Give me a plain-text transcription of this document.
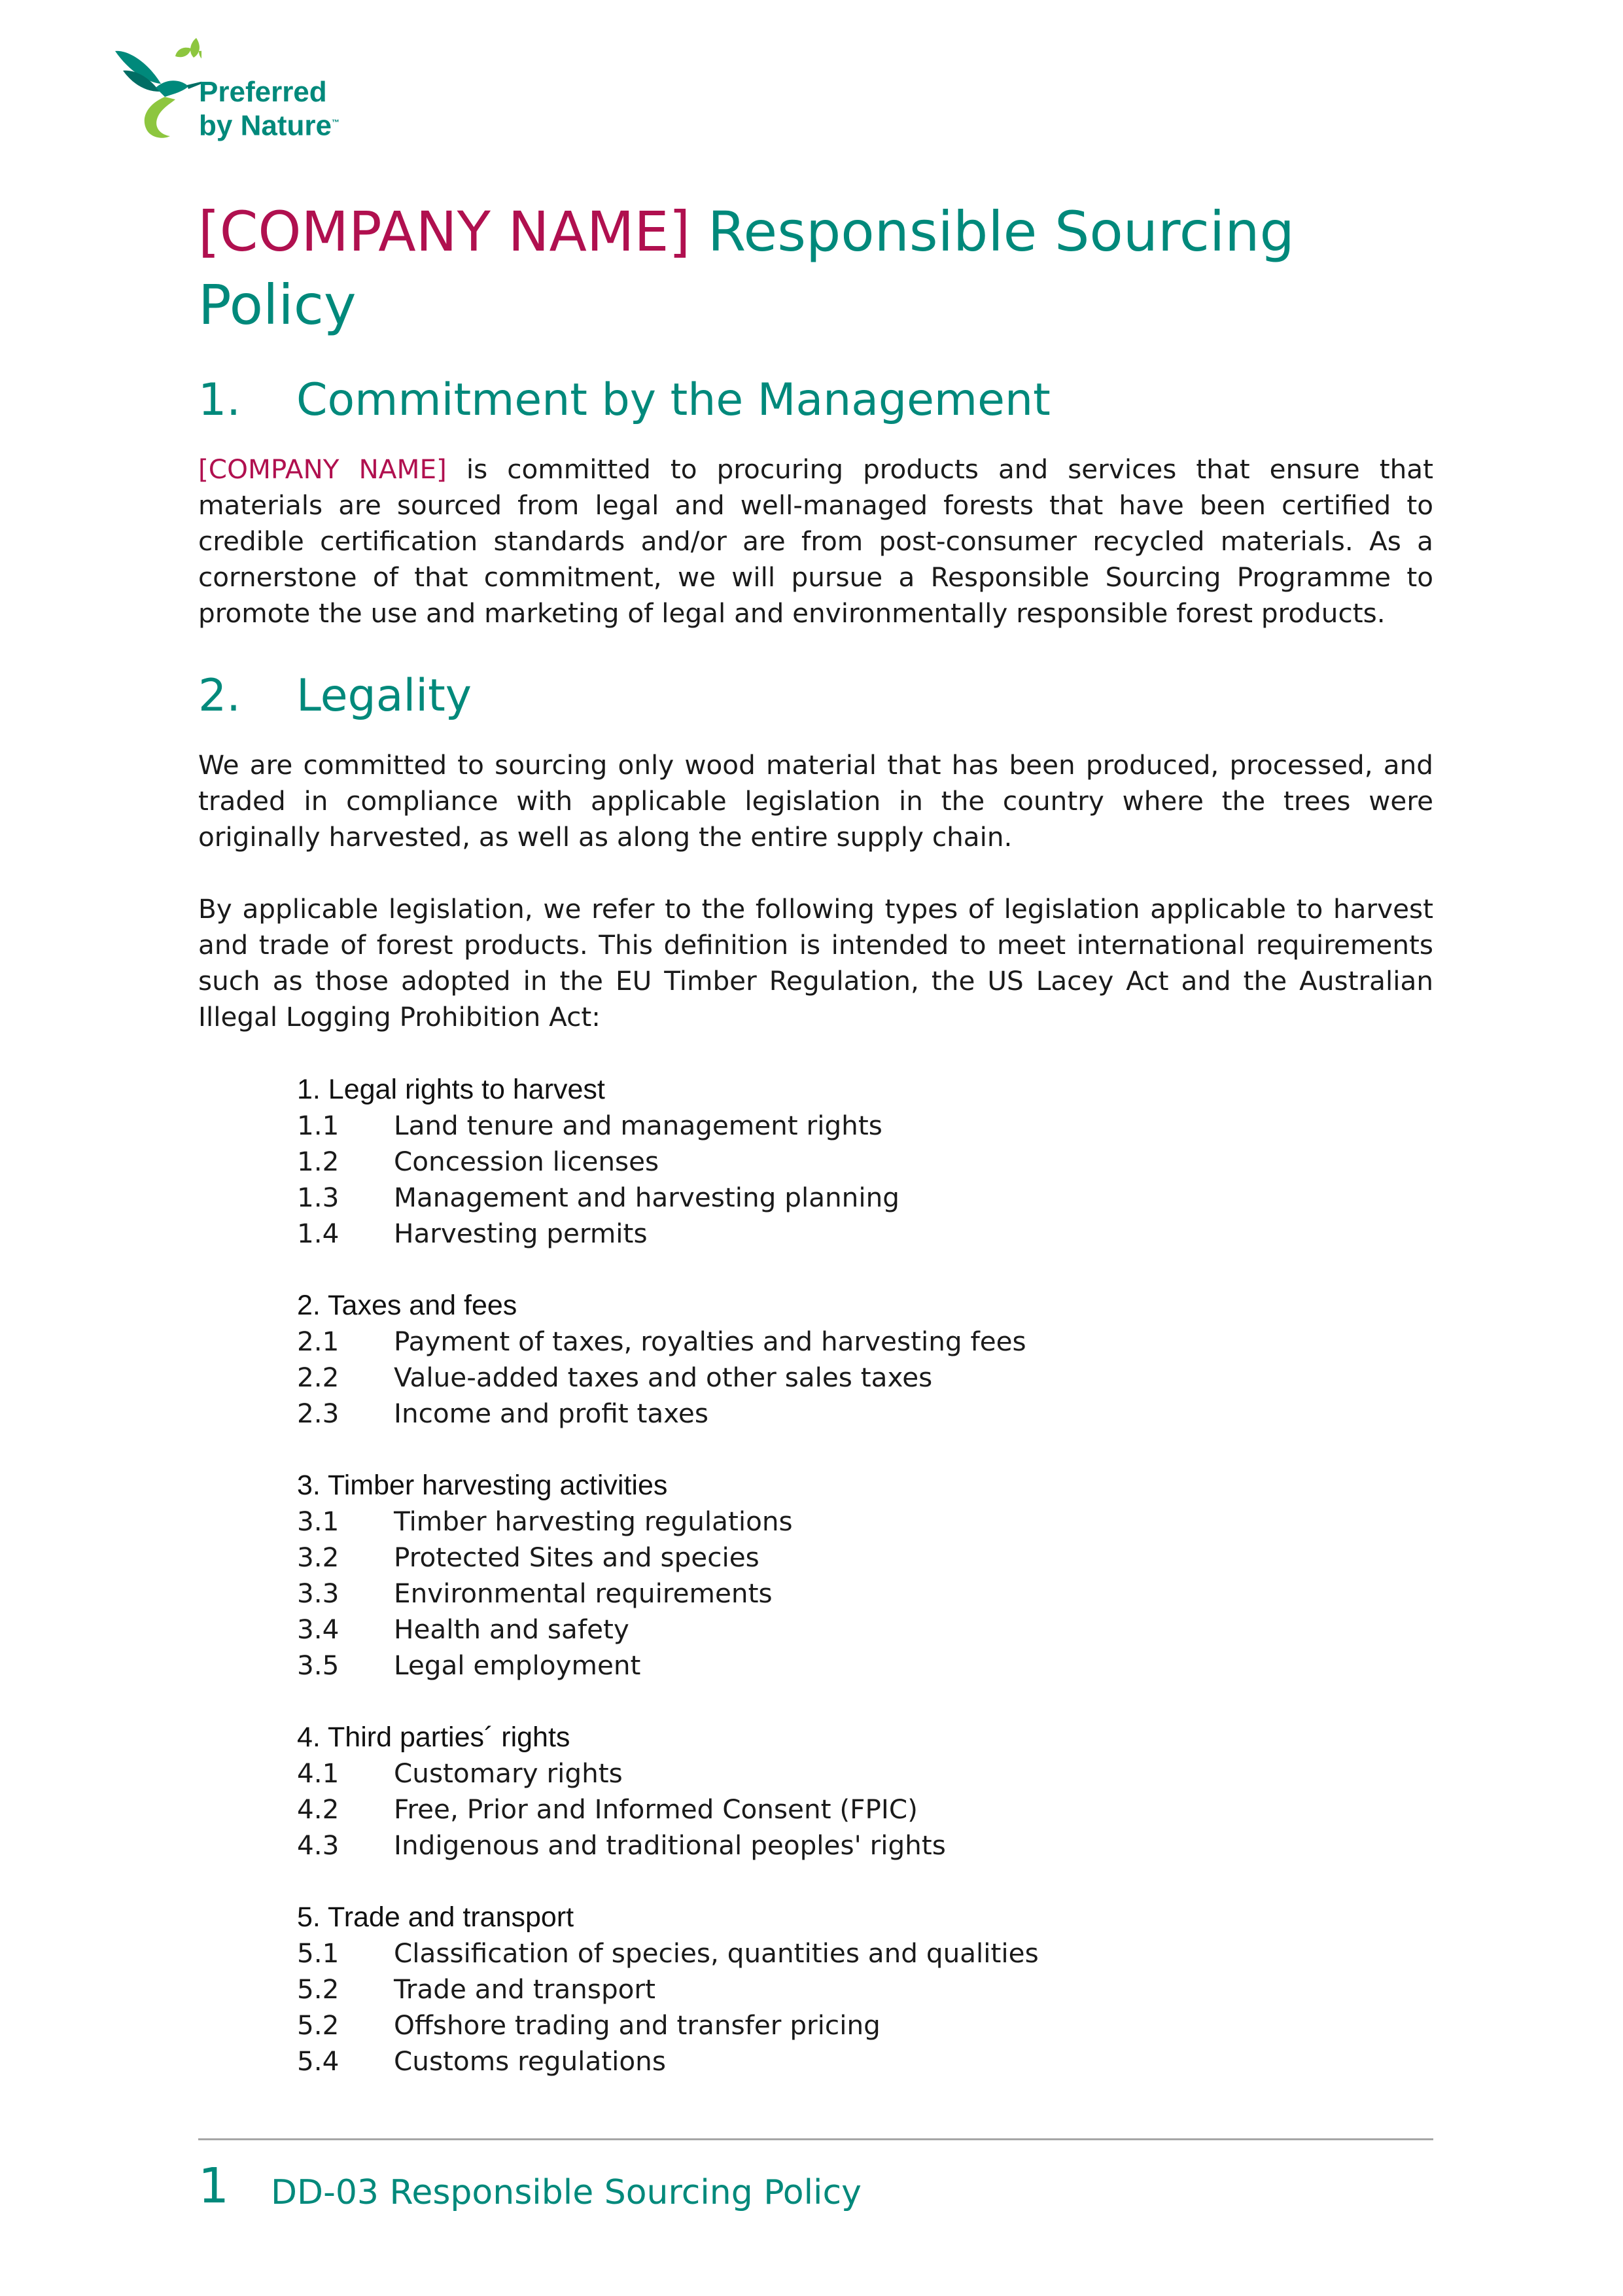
Preferred
by Nature™
[COMPANY NAME] Responsible Sourcing Policy
1. Commitment by the Management

[COMPANY NAME] is committed to procuring products and services that ensure that materials are sourced from legal and well-managed forests that have been certified to credible certification standards and/or are from post-consumer recycled materials. As a cornerstone of that commitment, we will pursue a Responsible Sourcing Programme to promote the use and marketing of legal and environmentally responsible forest products.

2. Legality

We are committed to sourcing only wood material that has been produced, processed, and traded in compliance with applicable legislation in the country where the trees were originally harvested, as well as along the entire supply chain.

By applicable legislation, we refer to the following types of legislation applicable to harvest and trade of forest products. This definition is intended to meet international requirements such as those adopted in the EU Timber Regulation, the US Lacey Act and the Australian Illegal Logging Prohibition Act:

1. Legal rights to harvest
1.1 Land tenure and management rights
1.2 Concession licenses
1.3 Management and harvesting planning
1.4 Harvesting permits
2. Taxes and fees
2.1 Payment of taxes, royalties and harvesting fees
2.2 Value-added taxes and other sales taxes
2.3 Income and profit taxes
3. Timber harvesting activities
3.1 Timber harvesting regulations
3.2 Protected Sites and species
3.3 Environmental requirements
3.4 Health and safety
3.5 Legal employment
4. Third parties´ rights
4.1 Customary rights
4.2 Free, Prior and Informed Consent (FPIC)
4.3 Indigenous and traditional peoples' rights
5. Trade and transport
5.1 Classification of species, quantities and qualities
5.2 Trade and transport
5.2 Offshore trading and transfer pricing
5.4 Customs regulations
1 DD-03 Responsible Sourcing Policy
